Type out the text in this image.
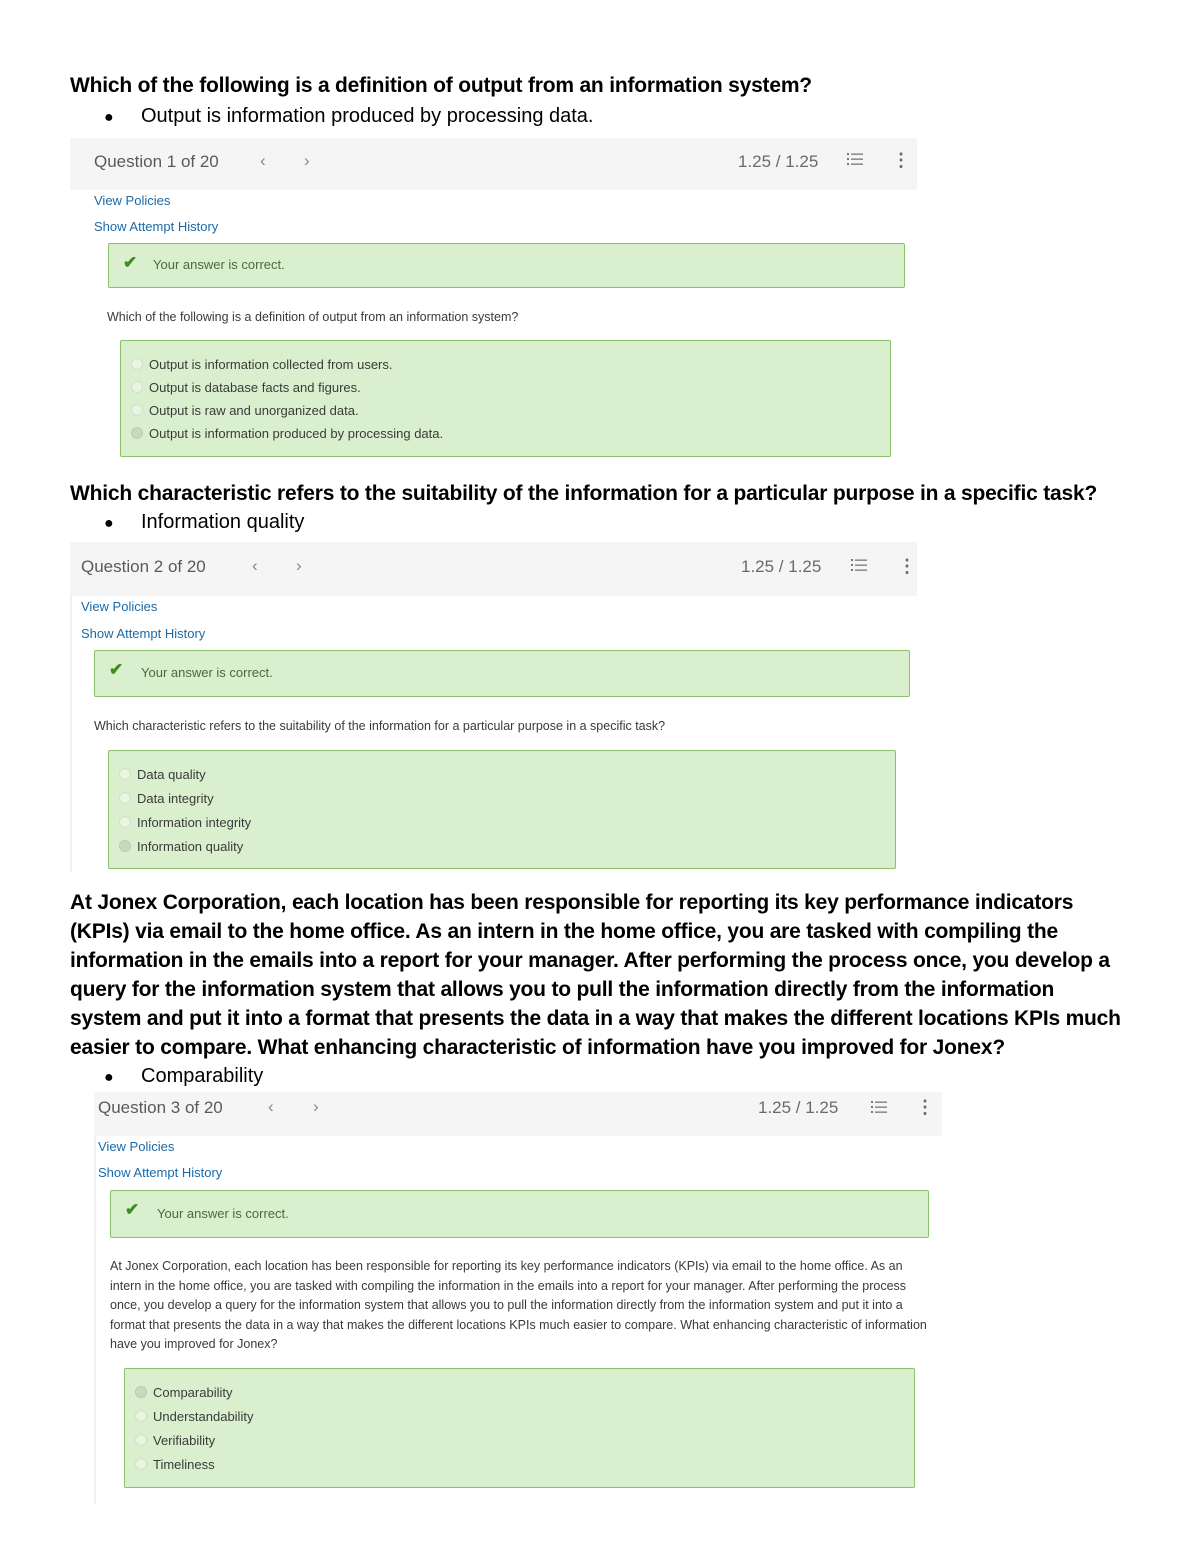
Which of the following is a definition of output from an information system?

● Output is information produced by processing data.
Question 1 of 20 ‹ ›	1.25 / 1.25	⋮
View Policies
Show Attempt History
✔ Your answer is correct.
Which of the following is a definition of output from an information system?
Output is information collected from users.
Output is database facts and figures.
Output is raw and unorganized data.
Output is information produced by processing data.

Which characteristic refers to the suitability of the information for a particular purpose in a specific task?

● Information quality
Question 2 of 20	‹ ›	1.25 / 1.25	⋮
View Policies
Show Attempt History
✔ Your answer is correct.
Which characteristic refers to the suitability of the information for a particular purpose in a specific task?
Data quality
Data integrity
Information integrity
Information quality

At Jonex Corporation, each location has been responsible for reporting its key performance indicators (KPIs) via email to the home office. As an intern in the home office, you are tasked with compiling the information in the emails into a report for your manager. After performing the process once, you develop a query for the information system that allows you to pull the information directly from the information system and put it into a format that presents the data in a way that makes the different locations KPIs much easier to compare. What enhancing characteristic of information have you improved for Jonex?

● Comparability
Question 3 of 20	‹ ›	1.25 / 1.25	⋮
View Policies
Show Attempt History
✔ Your answer is correct.
At Jonex Corporation, each location has been responsible for reporting its key performance indicators (KPIs) via email to the home office. As an intern in the home office, you are tasked with compiling the information in the emails into a report for your manager. After performing the process once, you develop a query for the information system that allows you to pull the information directly from the information system and put it into a format that presents the data in a way that makes the different locations KPIs much easier to compare. What enhancing characteristic of information have you improved for Jonex?
Comparability
Understandability
Verifiability
Timeliness
